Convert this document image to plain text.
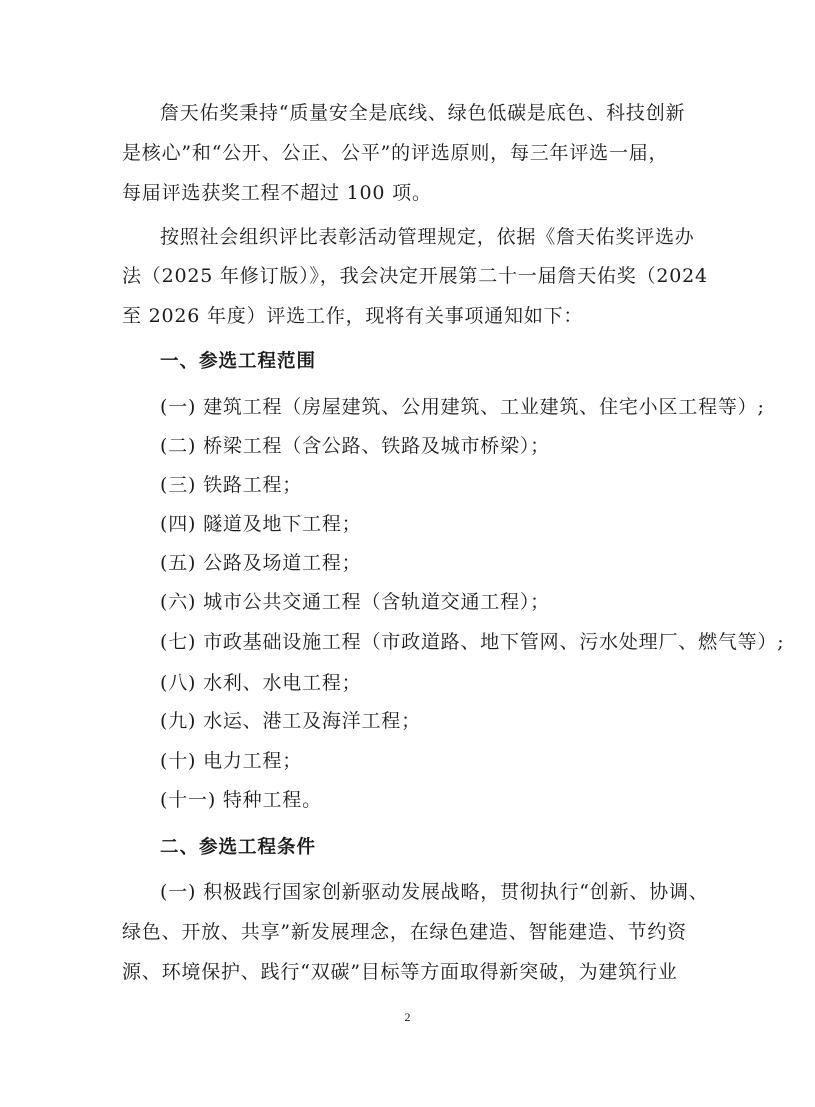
詹天佑奖秉持“质量安全是底线、绿色低碳是底色、科技创新
是核心”和“公开、公正、公平”的评选原则，每三年评选一届，
每届评选获奖工程不超过 100 项。
按照社会组织评比表彰活动管理规定，依据《詹天佑奖评选办
法（2025 年修订版）》，我会决定开展第二十一届詹天佑奖（2024
至 2026 年度）评选工作，现将有关事项通知如下：
一、参选工程范围
(一) 建筑工程（房屋建筑、公用建筑、工业建筑、住宅小区工程等）;
(二) 桥梁工程（含公路、铁路及城市桥梁）；
(三) 铁路工程；
(四) 隧道及地下工程；
(五) 公路及场道工程；
(六) 城市公共交通工程（含轨道交通工程）；
(七) 市政基础设施工程（市政道路、地下管网、污水处理厂、燃气等）;
(八) 水利、水电工程；
(九) 水运、港工及海洋工程；
(十) 电力工程；
(十一) 特种工程。
二、参选工程条件
(一) 积极践行国家创新驱动发展战略，贯彻执行“创新、协调、
绿色、开放、共享”新发展理念，在绿色建造、智能建造、节约资
源、环境保护、践行“双碳”目标等方面取得新突破，为建筑行业
2
